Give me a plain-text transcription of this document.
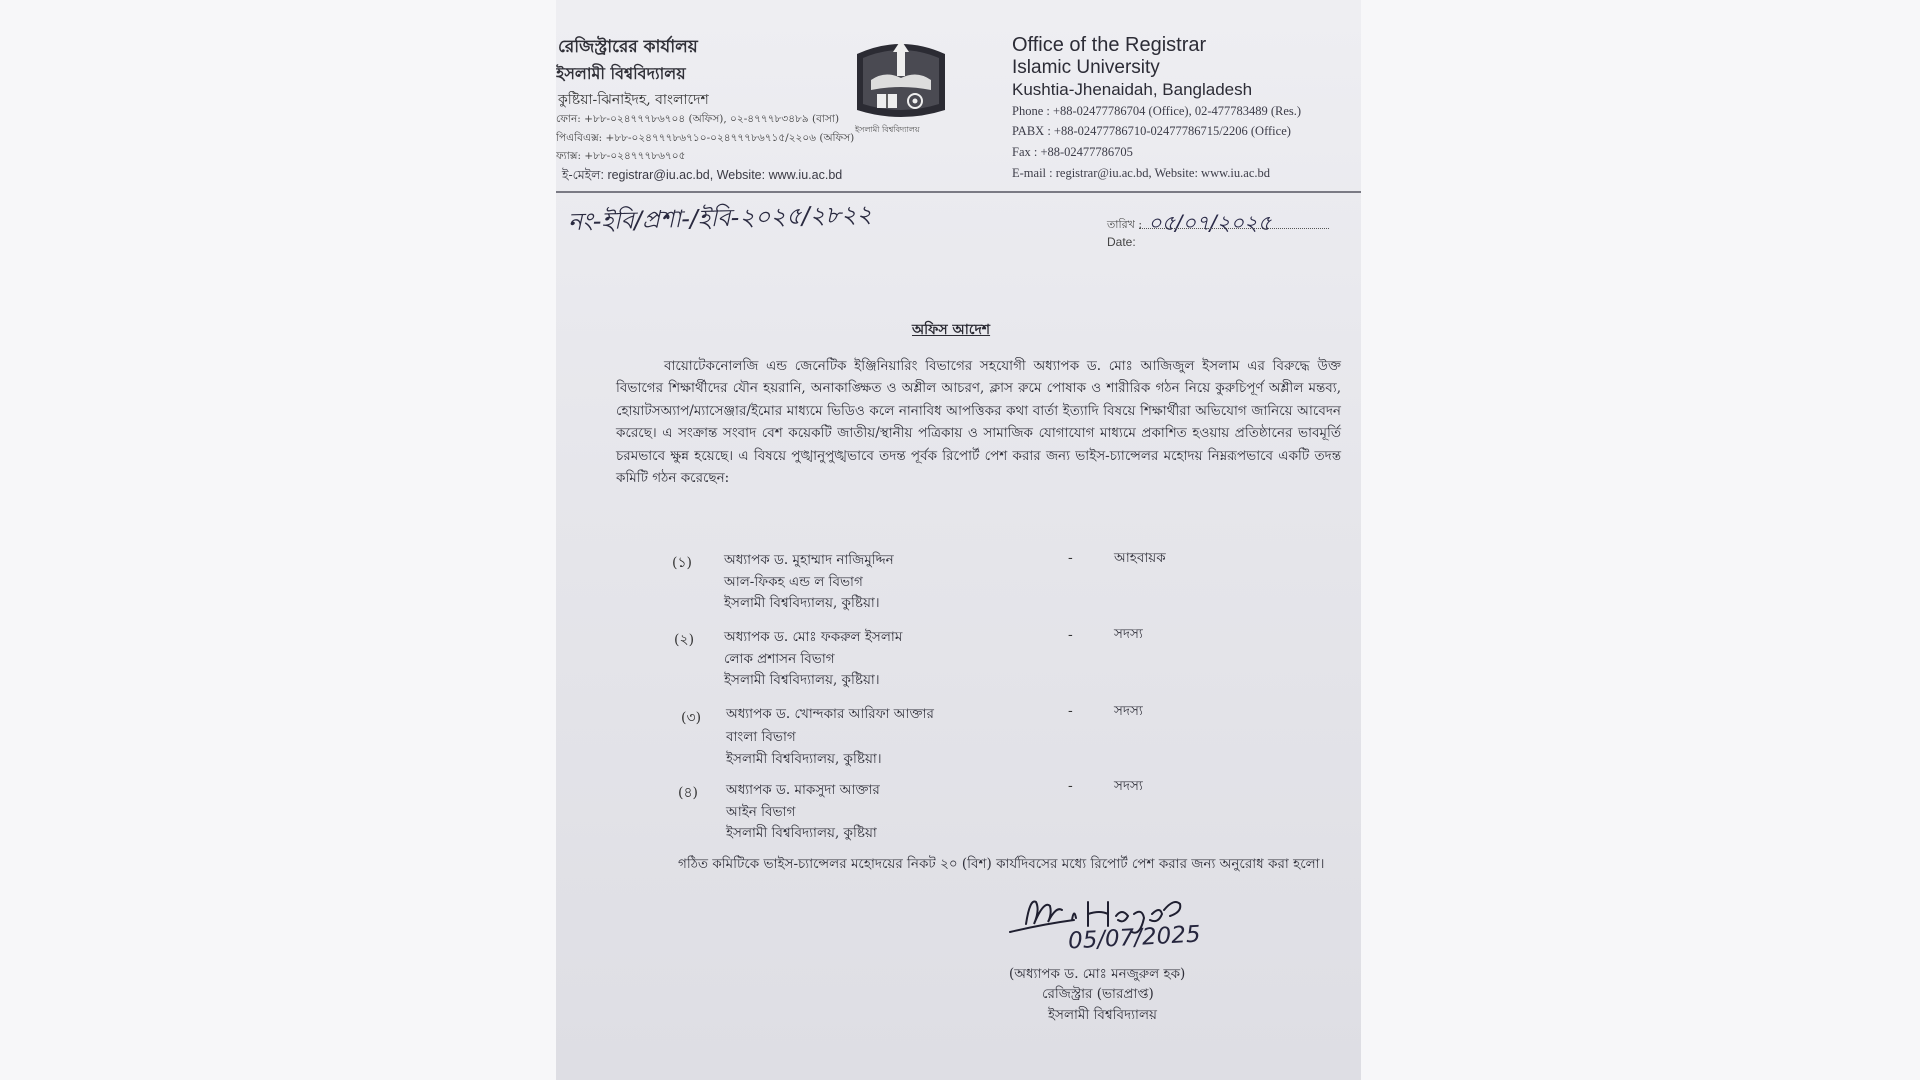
রেজিস্ট্রারের কার্যালয়
ইসলামী বিশ্ববিদ্যালয়
কুষ্টিয়া-ঝিনাইদহ, বাংলাদেশ
ফোন: +৮৮-০২৪৭৭৭৮৬৭০৪ (অফিস), ০২-৪৭৭৭৮৩৪৮৯ (বাসা)
পিএবিএক্স: +৮৮-০২৪৭৭৭৮৬৭১০-০২৪৭৭৭৮৬৭১৫/২২০৬ (অফিস)
ফ্যাক্স: +৮৮-০২৪৭৭৭৮৬৭০৫
ই-মেইল: registrar@iu.ac.bd, Website: www.iu.ac.bd
ইসলামী বিশ্ববিদ্যালয়
Office of the Registrar
Islamic University
Kushtia-Jhenaidah, Bangladesh
Phone : +88-02477786704 (Office), 02-477783489 (Res.)
PABX : +88-02477786710-02477786715/2206 (Office)
Fax : +88-02477786705
E-mail : registrar@iu.ac.bd, Website: www.iu.ac.bd
নং-ইবি/প্রশা-/ইবি-২০২৫/২৮২২	তারিখ : ০৫/০৭/২০২৫
Date:
অফিস আদেশ

বায়োটেকনোলজি এন্ড জেনেটিক ইঞ্জিনিয়ারিং বিভাগের সহযোগী অধ্যাপক ড. মোঃ আজিজুল ইসলাম এর বিরুদ্ধে উক্ত বিভাগের শিক্ষার্থীদের যৌন হয়রানি, অনাকাঙ্ক্ষিত ও অশ্লীল আচরণ, ক্লাস রুমে পোষাক ও শারীরিক গঠন নিয়ে কুরুচিপূর্ণ অশ্লীল মন্তব্য, হোয়াটসঅ্যাপ/ম্যাসেঞ্জার/ইমোর মাধ্যমে ভিডিও কলে নানাবিধ আপত্তিকর কথা বার্তা ইত্যাদি বিষয়ে শিক্ষার্থীরা অভিযোগ জানিয়ে আবেদন করেছে। এ সংক্রান্ত সংবাদ বেশ কয়েকটি জাতীয়/স্থানীয় পত্রিকায় ও সামাজিক যোগাযোগ মাধ্যমে প্রকাশিত হওয়ায় প্রতিষ্ঠানের ভাবমূর্তি চরমভাবে ক্ষুন্ন হয়েছে। এ বিষয়ে পুঙ্খানুপুঙ্খভাবে তদন্ত পূর্বক রিপোর্ট পেশ করার জন্য ভাইস-চ্যান্সেলর মহোদয় নিম্নরূপভাবে একটি তদন্ত কমিটি গঠন করেছেন:

(১) অধ্যাপক ড. মুহাম্মাদ নাজিমুদ্দিন
আল-ফিকহ এন্ড ল বিভাগ
ইসলামী বিশ্ববিদ্যালয়, কুষ্টিয়া।
-	আহবায়ক
(২) অধ্যাপক ড. মোঃ ফকরুল ইসলাম
লোক প্রশাসন বিভাগ
ইসলামী বিশ্ববিদ্যালয়, কুষ্টিয়া।
-	সদস্য
(৩) অধ্যাপক ড. খোন্দকার আরিফা আক্তার
বাংলা বিভাগ
ইসলামী বিশ্ববিদ্যালয়, কুষ্টিয়া।
-	সদস্য
(৪) অধ্যাপক ড. মাকসুদা আক্তার
আইন বিভাগ
ইসলামী বিশ্ববিদ্যালয়, কুষ্টিয়া
-	সদস্য

গঠিত কমিটিকে ভাইস-চ্যান্সেলর মহোদয়ের নিকট ২০ (বিশ) কার্যদিবসের মধ্যে রিপোর্ট পেশ করার জন্য অনুরোধ করা হলো।

05/07/2025
(অধ্যাপক ড. মোঃ মনজুরুল হক)
রেজিস্ট্রার (ভারপ্রাপ্ত)
ইসলামী বিশ্ববিদ্যালয়
